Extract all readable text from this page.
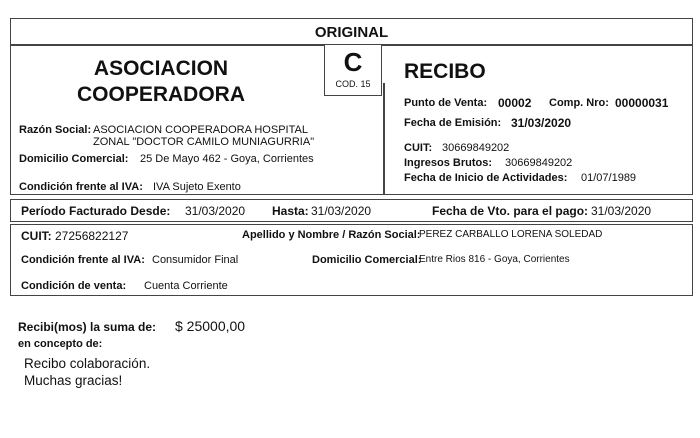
ORIGINAL
C
COD. 15
ASOCIACION
COOPERADORA
Razón Social: ASOCIACION COOPERADORA HOSPITAL
ZONAL "DOCTOR CAMILO MUNIAGURRIA"
Domicilio Comercial: 25 De Mayo 462 - Goya, Corrientes
Condición frente al IVA: IVA Sujeto Exento
RECIBO
Punto de Venta: 00002 Comp. Nro: 00000031
Fecha de Emisión: 31/03/2020
CUIT: 30669849202
Ingresos Brutos: 30669849202
Fecha de Inicio de Actividades: 01/07/1989
Período Facturado Desde: 31/03/2020 Hasta: 31/03/2020	Fecha de Vto. para el pago: 31/03/2020
CUIT: 27256822127	Apellido y Nombre / Razón Social:
PEREZ CARBALLO LORENA SOLEDAD
Condición frente al IVA: Consumidor Final	Domicilio Comercial:
Entre Rios 816 - Goya, Corrientes
Condición de venta: Cuenta Corriente
Recibi(mos) la suma de: $ 25000,00
en concepto de:
Recibo colaboración.
Muchas gracias!
